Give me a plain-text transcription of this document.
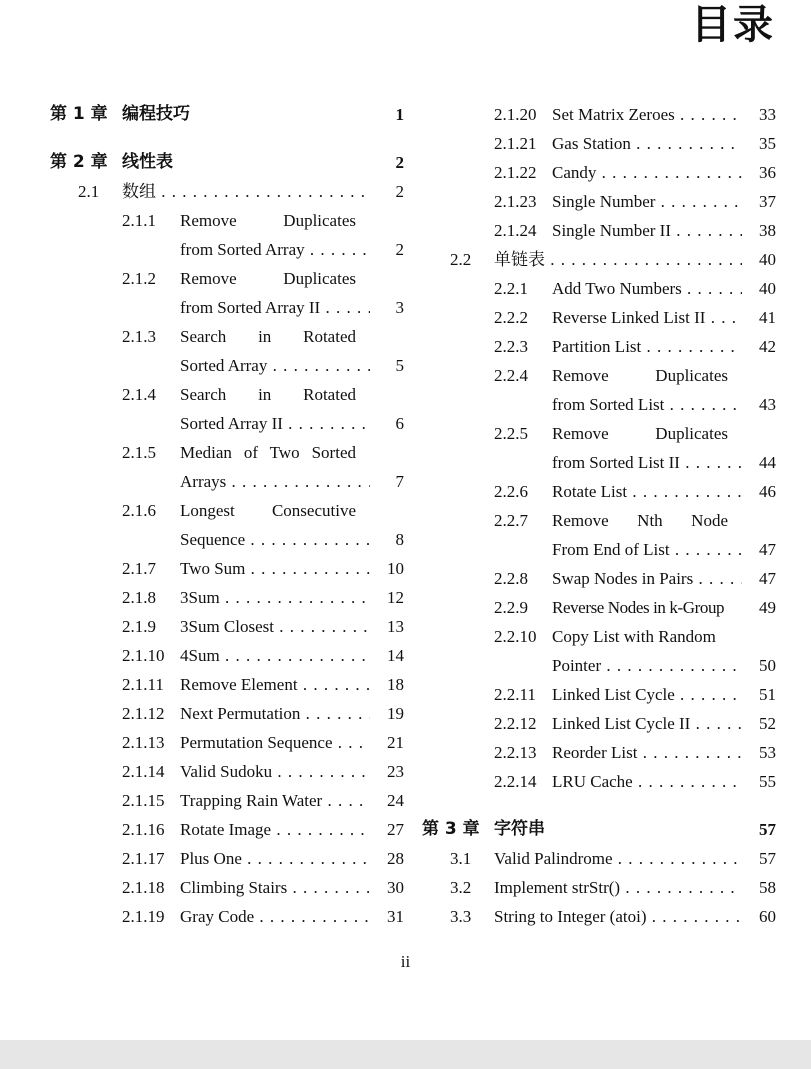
目录
第 1 章 编程技巧	1
第 2 章 线性表	2
2.1 数组 . . .	2
2.1.1 Remove Duplicates
from Sorted Array . . .	2
2.1.2 Remove Duplicates
from Sorted Array II . . .	3
2.1.3 Search in Rotated
Sorted Array . . .	5
2.1.4 Search in Rotated
Sorted Array II . . .	6
2.1.5 Median of Two Sorted
Arrays . . .	7
2.1.6 Longest Consecutive
Sequence . . .	8
2.1.7 Two Sum . . .	10
2.1.8 3Sum . . .	12
2.1.9 3Sum Closest . . .	13
2.1.10 4Sum . . .	14
2.1.11 Remove Element . . .	18
2.1.12 Next Permutation . . .	19
2.1.13 Permutation Sequence . . .	21
2.1.14 Valid Sudoku . . .	23
2.1.15 Trapping Rain Water . . .	24
2.1.16 Rotate Image . . .	27
2.1.17 Plus One . . .	28
2.1.18 Climbing Stairs . . .	30
2.1.19 Gray Code . . .	31
2.1.20 Set Matrix Zeroes . . .	33
2.1.21 Gas Station . . .	35
2.1.22 Candy . . .	36
2.1.23 Single Number . . .	37
2.1.24 Single Number II . . .	38
2.2 单链表 . . .	40
2.2.1 Add Two Numbers . . .	40
2.2.2 Reverse Linked List II . . .	41
2.2.3 Partition List . . .	42
2.2.4 Remove Duplicates
from Sorted List . . .	43
2.2.5 Remove Duplicates
from Sorted List II . . .	44
2.2.6 Rotate List . . .	46
2.2.7 Remove Nth Node
From End of List . . .	47
2.2.8 Swap Nodes in Pairs . . .	47
2.2.9 Reverse Nodes in k-Group	49
2.2.10 Copy List with Random
Pointer . . .	50
2.2.11 Linked List Cycle . . .	51
2.2.12 Linked List Cycle II . . .	52
2.2.13 Reorder List . . .	53
2.2.14 LRU Cache . . .	55
第 3 章 字符串	57
3.1 Valid Palindrome . . .	57
3.2 Implement strStr() . . .	58
3.3 String to Integer (atoi) . . .	60
ii
